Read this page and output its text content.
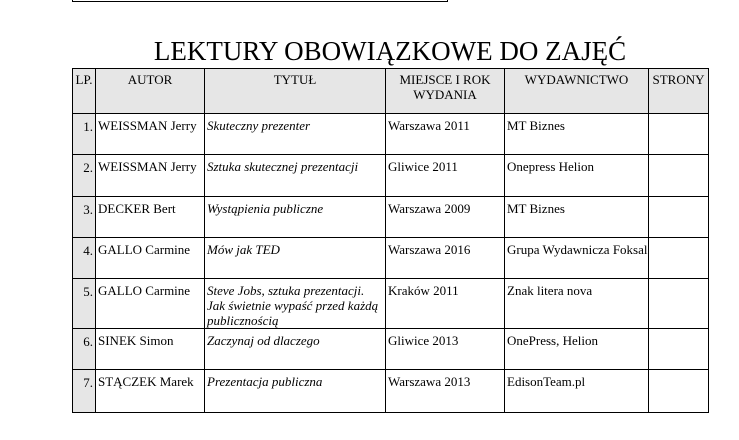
LEKTURY OBOWIĄZKOWE DO ZAJĘĆ
LP.	AUTOR	TYTUŁ	MIEJSCE I ROK WYDANIA	WYDAWNICTWO	STRONY
1.	WEISSMAN Jerry	Skuteczny prezenter	Warszawa 2011	MT Biznes	
2.	WEISSMAN Jerry	Sztuka skutecznej prezentacji	Gliwice 2011	Onepress Helion	
3.	DECKER Bert	Wystąpienia publiczne	Warszawa 2009	MT Biznes	
4.	GALLO Carmine	Mów jak TED	Warszawa 2016	Grupa Wydawnicza Foksal	
5.	GALLO Carmine	Steve Jobs, sztuka prezentacji. Jak świetnie wypaść przed każdą publicznością	Kraków 2011	Znak litera nova	
6.	SINEK Simon	Zaczynaj od dlaczego	Gliwice 2013	OnePress, Helion	
7.	STĄCZEK Marek	Prezentacja publiczna	Warszawa 2013	EdisonTeam.pl	
